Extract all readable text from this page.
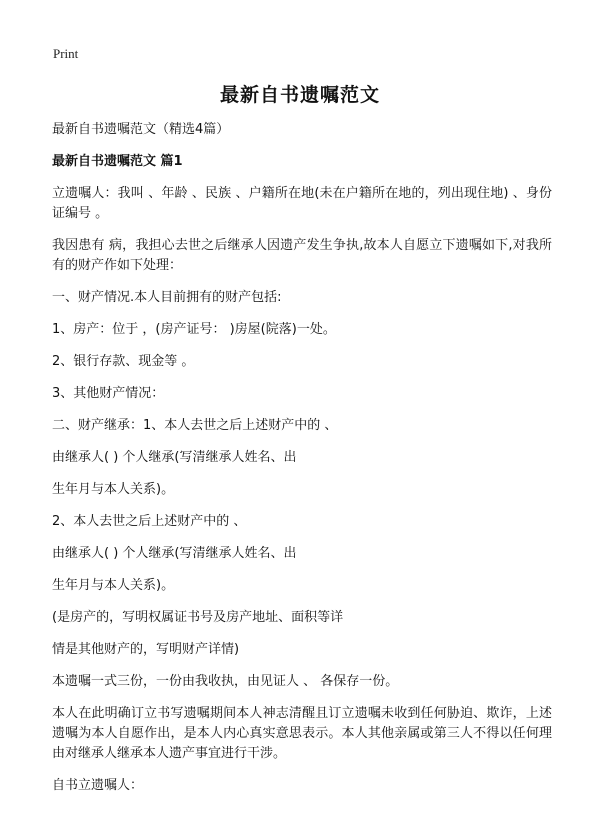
Print
最新自书遗嘱范文

最新自书遗嘱范文（精选4篇）

最新自书遗嘱范文 篇1

立遗嘱人：我叫 、年龄 、民族 、户籍所在地(未在户籍所在地的，列出现住地) 、身份证编号 。

我因患有 病，我担心去世之后继承人因遗产发生争执,故本人自愿立下遗嘱如下,对我所有的财产作如下处理：

一、财产情况.本人目前拥有的财产包括:

1、房产：位于 ，(房产证号： )房屋(院落)一处。

2、银行存款、现金等 。

3、其他财产情况：

二、财产继承：1、本人去世之后上述财产中的 、

由继承人( ) 个人继承(写清继承人姓名、出

生年月与本人关系)。

2、本人去世之后上述财产中的 、

由继承人( ) 个人继承(写清继承人姓名、出

生年月与本人关系)。

(是房产的，写明权属证书号及房产地址、面积等详

情是其他财产的，写明财产详情)

本遗嘱一式三份，一份由我收执，由见证人 、 各保存一份。

本人在此明确订立书写遗嘱期间本人神志清醒且订立遗嘱未收到任何胁迫、欺诈，上述遗嘱为本人自愿作出，是本人内心真实意思表示。本人其他亲属或第三人不得以任何理由对继承人继承本人遗产事宜进行干涉。

自书立遗嘱人：
